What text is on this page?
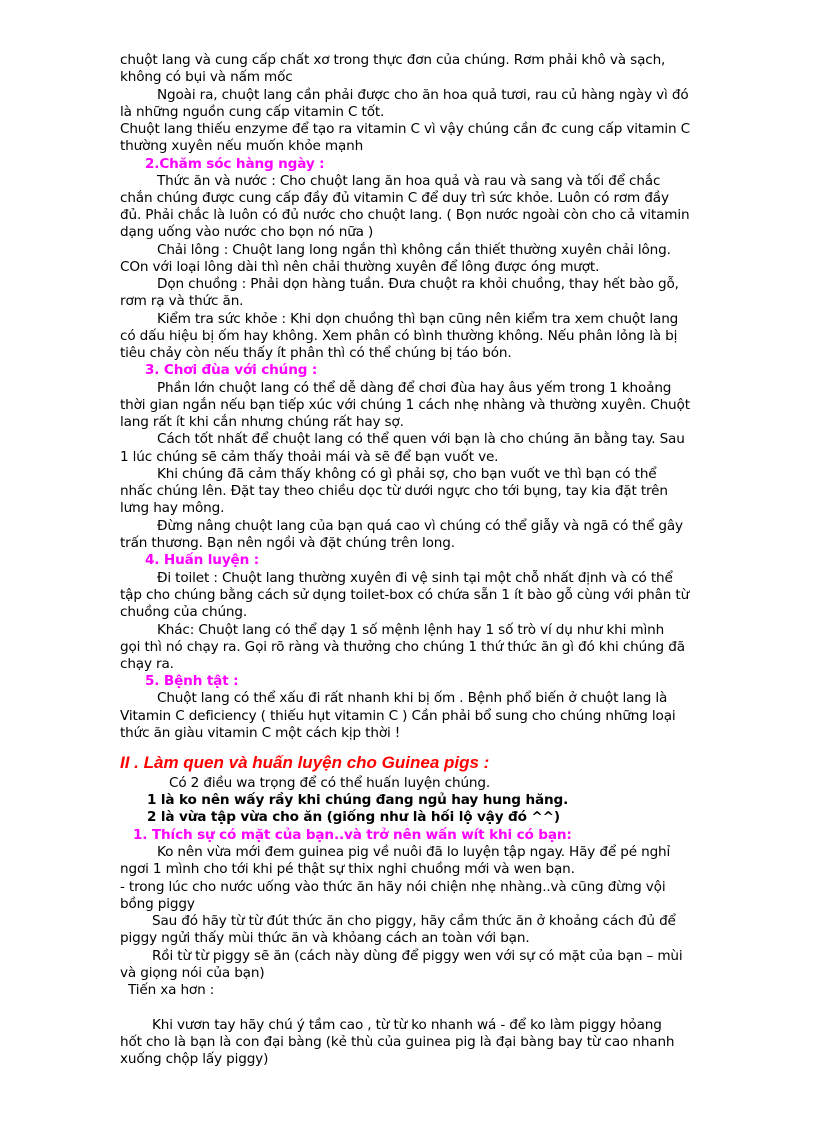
chuột lang và cung cấp chất xơ trong thực đơn của chúng. Rơm phải khô và sạch,
không có bụi và nấm mốc
Ngoài ra, chuột lang cần phải được cho ăn hoa quả tươi, rau củ hàng ngày vì đó
là những nguồn cung cấp vitamin C tốt.
Chuột lang thiếu enzyme để tạo ra vitamin C vì vậy chúng cần đc cung cấp vitamin C
thường xuyên nếu muốn khỏe mạnh
2.Chăm sóc hàng ngày :
Thức ăn và nước : Cho chuột lang ăn hoa quả và rau và sang và tối để chắc
chắn chúng được cung cấp đầy đủ vitamin C để duy trì sức khỏe. Luôn có rơm đầy
đủ. Phải chắc là luôn có đủ nước cho chuột lang. ( Bọn nước ngoài còn cho cả vitamin
dạng uống vào nước cho bọn nó nữa )
Chải lông : Chuột lang long ngắn thì không cần thiết thường xuyên chải lông.
COn với loại lông dài thì nên chải thường xuyên để lông được óng mượt.
Dọn chuồng : Phải dọn hàng tuần. Đưa chuột ra khỏi chuồng, thay hết bào gỗ,
rơm rạ và thức ăn.
Kiểm tra sức khỏe : Khi dọn chuồng thì bạn cũng nên kiểm tra xem chuột lang
có dấu hiệu bị ốm hay không. Xem phân có bình thường không. Nếu phân lỏng là bị
tiêu chảy còn nếu thấy ít phân thì có thể chúng bị táo bón.
3. Chơi đùa với chúng :
Phần lớn chuột lang có thể dễ dàng để chơi đùa hay âus yếm trong 1 khoảng
thời gian ngắn nếu bạn tiếp xúc với chúng 1 cách nhẹ nhàng và thường xuyên. Chuột
lang rất ít khi cắn nhưng chúng rất hay sợ.
Cách tốt nhất để chuột lang có thể quen với bạn là cho chúng ăn bằng tay. Sau
1 lúc chúng sẽ cảm thấy thoải mái và sẽ để bạn vuốt ve.
Khi chúng đã cảm thấy không có gì phải sợ, cho bạn vuốt ve thì bạn có thể
nhấc chúng lên. Đặt tay theo chiều dọc từ dưới ngực cho tới bụng, tay kia đặt trên
lưng hay mông.
Đừng nâng chuột lang của bạn quá cao vì chúng có thể giẫy và ngã có thể gây
trấn thương. Bạn nên ngồi và đặt chúng trên long.
4. Huấn luyện :
Đi toilet : Chuột lang thường xuyên đi vệ sinh tại một chỗ nhất định và có thể
tập cho chúng bằng cách sử dụng toilet-box có chứa sẵn 1 ít bào gỗ cùng với phân từ
chuồng của chúng.
Khác: Chuột lang có thể dạy 1 số mệnh lệnh hay 1 số trò ví dụ như khi mình
gọi thì nó chạy ra. Gọi rõ ràng và thưởng cho chúng 1 thứ thức ăn gì đó khi chúng đã
chạy ra.
5. Bệnh tật :
Chuột lang có thể xấu đi rất nhanh khi bị ốm . Bệnh phổ biến ở chuột lang là
Vitamin C deficiency ( thiếu hụt vitamin C ) Cần phải bổ sung cho chúng những loại
thức ăn giàu vitamin C một cách kịp thời !
II . Làm quen và huấn luyện cho Guinea pigs :
Có 2 điều wa trọng để có thể huấn luyện chúng.
1 là ko nên wấy rầy khi chúng đang ngủ hay hung hăng.
2 là vừa tập vừa cho ăn (giống như là hối lộ vậy đó ^^)
1. Thích sự có mặt của bạn..và trở nên wấn wít khi có bạn:
Ko nên vừa mới đem guinea pig về nuôi đã lo luyện tập ngay. Hãy để pé nghỉ
ngơi 1 mình cho tới khi pé thật sự thix nghi chuồng mới và wen bạn.
- trong lúc cho nước uống vào thức ăn hãy nói chiện nhẹ nhàng..và cũng đừng vội
bồng piggy
Sau đó hãy từ từ đút thức ăn cho piggy, hãy cầm thức ăn ở khoảng cách đủ để
piggy ngửi thấy mùi thức ăn và khỏang cách an toàn với bạn.
Rồi từ từ piggy sẽ ăn (cách này dùng để piggy wen với sự có mặt của bạn – mùi
và giọng nói của bạn)
Tiến xa hơn :
Khi vươn tay hãy chú ý tầm cao , từ từ ko nhanh wá - để ko làm piggy hỏang
hốt cho là bạn là con đại bàng (kẻ thù của guinea pig là đại bàng bay từ cao nhanh
xuống chộp lấy piggy)
